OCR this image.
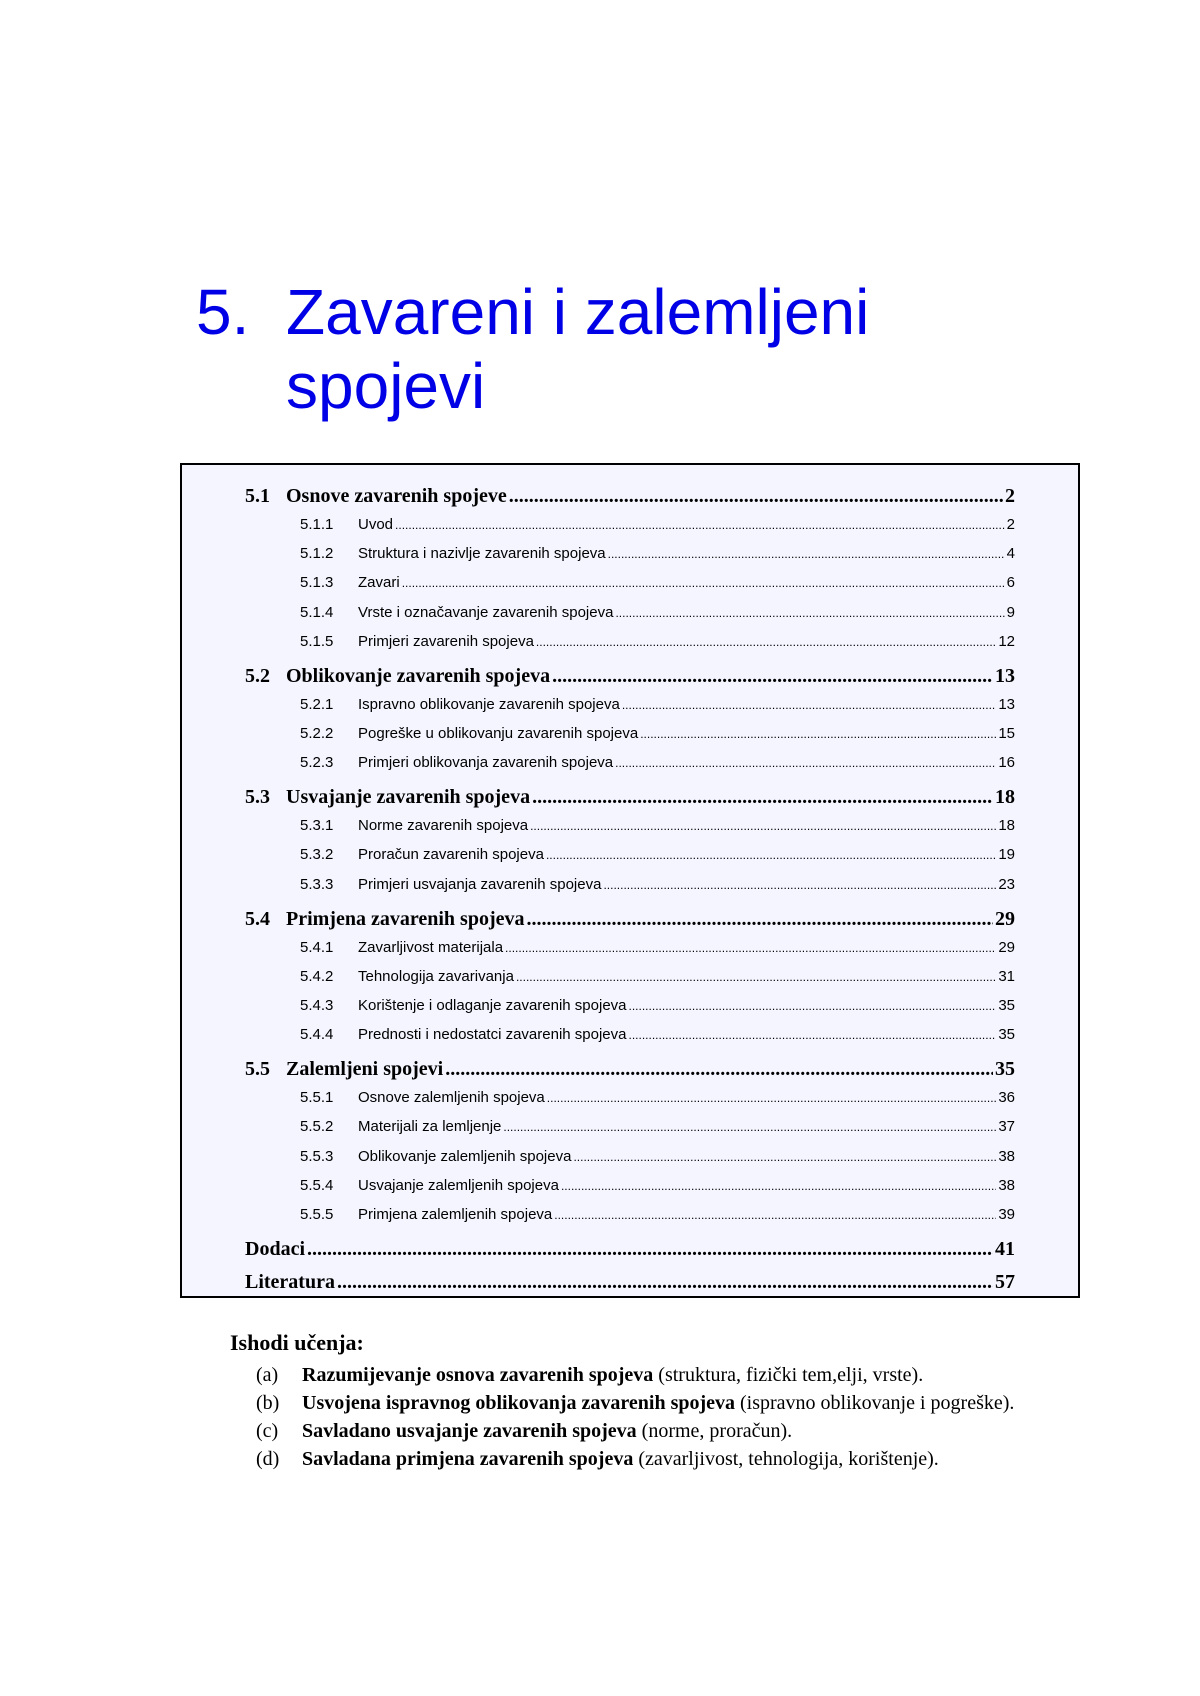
5. Zavareni i zalemljeni
spojevi
5.1 Osnove zavarenih spojeve .....	2
5.1.1	Uvod .....	2
5.1.2	Struktura i nazivlje zavarenih spojeva .....	4
5.1.3	Zavari .....	6
5.1.4	Vrste i označavanje zavarenih spojeva .....	9
5.1.5	Primjeri zavarenih spojeva .....	12
5.2 Oblikovanje zavarenih spojeva .....	13
5.2.1	Ispravno oblikovanje zavarenih spojeva .....	13
5.2.2	Pogreške u oblikovanju zavarenih spojeva .....	15
5.2.3	Primjeri oblikovanja zavarenih spojeva .....	16
5.3 Usvajanje zavarenih spojeva .....	18
5.3.1	Norme zavarenih spojeva .....	18
5.3.2	Proračun zavarenih spojeva .....	19
5.3.3	Primjeri usvajanja zavarenih spojeva .....	23
5.4 Primjena zavarenih spojeva .....	29
5.4.1	Zavarljivost materijala .....	29
5.4.2	Tehnologija zavarivanja .....	31
5.4.3	Korištenje i odlaganje zavarenih spojeva .....	35
5.4.4	Prednosti i nedostatci zavarenih spojeva .....	35
5.5 Zalemljeni spojevi .....	35
5.5.1	Osnove zalemljenih spojeva .....	36
5.5.2	Materijali za lemljenje .....	37
5.5.3	Oblikovanje zalemljenih spojeva .....	38
5.5.4	Usvajanje zalemljenih spojeva .....	38
5.5.5	Primjena zalemljenih spojeva .....	39
Dodaci .....	41
Literatura .....	57
Ishodi učenja:
(a) Razumijevanje osnova zavarenih spojeva (struktura, fizički tem,elji, vrste).
(b) Usvojena ispravnog oblikovanja zavarenih spojeva (ispravno oblikovanje i pogreške).
(c) Savladano usvajanje zavarenih spojeva (norme, proračun).
(d) Savladana primjena zavarenih spojeva (zavarljivost, tehnologija, korištenje).
